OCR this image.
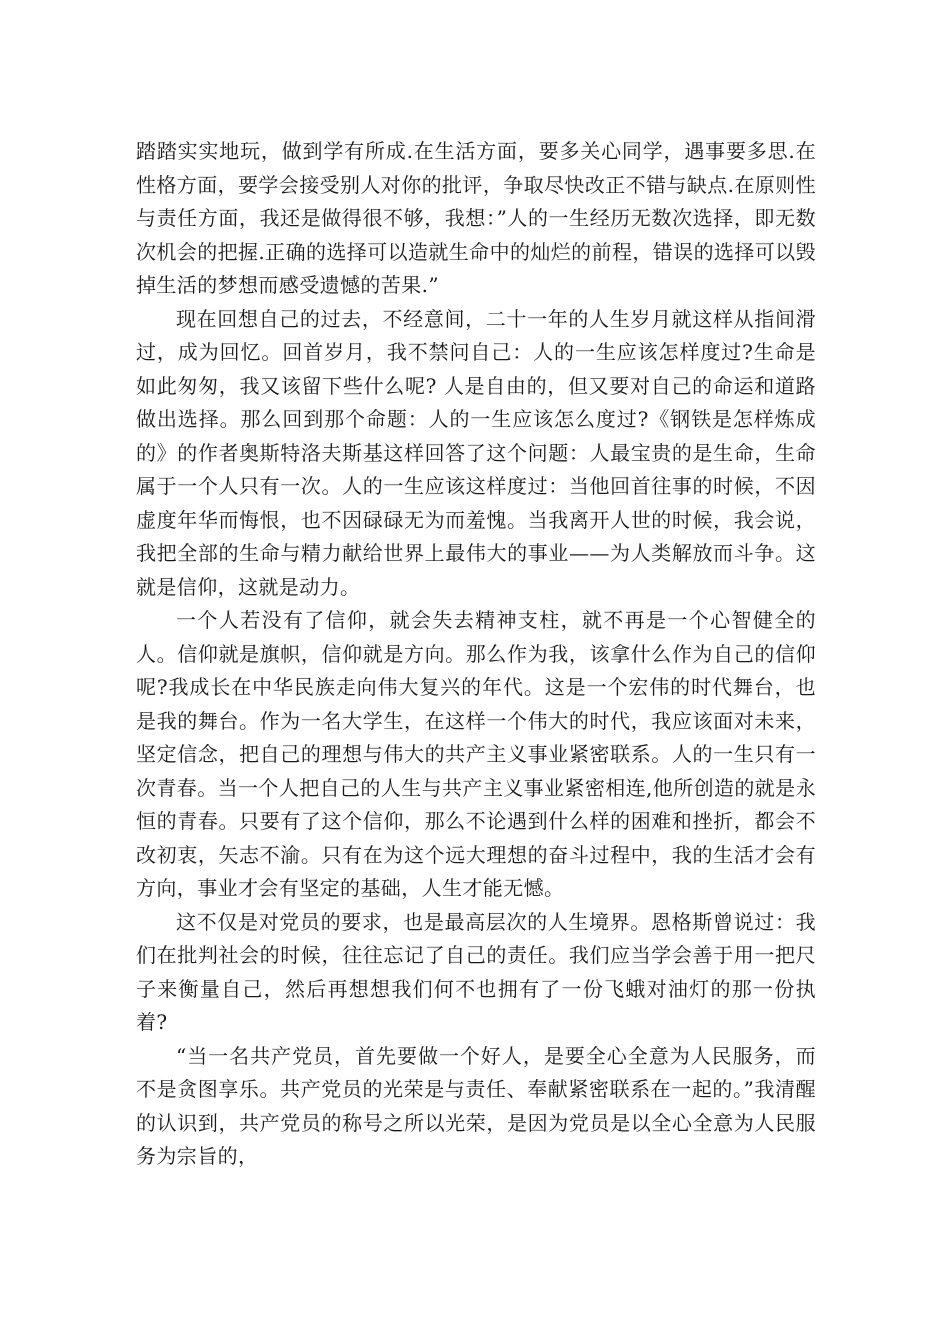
踏踏实实地玩，做到学有所成.在生活方面，要多关心同学，遇事要多思.在性格方面，要学会接受别人对你的批评，争取尽快改正不错与缺点.在原则性与责任方面，我还是做得很不够，我想：”人的一生经历无数次选择，即无数次机会的把握.正确的选择可以造就生命中的灿烂的前程，错误的选择可以毁掉生活的梦想而感受遗憾的苦果.”

现在回想自己的过去，不经意间，二十一年的人生岁月就这样从指间滑过，成为回忆。回首岁月，我不禁问自己：人的一生应该怎样度过?生命是如此匆匆，我又该留下些什么呢? 人是自由的，但又要对自己的命运和道路做出选择。那么回到那个命题：人的一生应该怎么度过?《钢铁是怎样炼成的》的作者奥斯特洛夫斯基这样回答了这个问题：人最宝贵的是生命，生命属于一个人只有一次。人的一生应该这样度过：当他回首往事的时候，不因虚度年华而悔恨，也不因碌碌无为而羞愧。当我离开人世的时候，我会说，我把全部的生命与精力献给世界上最伟大的事业——为人类解放而斗争。这就是信仰，这就是动力。

一个人若没有了信仰，就会失去精神支柱，就不再是一个心智健全的人。信仰就是旗帜，信仰就是方向。那么作为我，该拿什么作为自己的信仰呢?我成长在中华民族走向伟大复兴的年代。这是一个宏伟的时代舞台，也是我的舞台。作为一名大学生，在这样一个伟大的时代，我应该面对未来，坚定信念，把自己的理想与伟大的共产主义事业紧密联系。人的一生只有一次青春。当一个人把自己的人生与共产主义事业紧密相连,他所创造的就是永恒的青春。只要有了这个信仰，那么不论遇到什么样的困难和挫折，都会不改初衷，矢志不渝。只有在为这个远大理想的奋斗过程中，我的生活才会有方向，事业才会有坚定的基础，人生才能无憾。

这不仅是对党员的要求，也是最高层次的人生境界。恩格斯曾说过：我们在批判社会的时候，往往忘记了自己的责任。我们应当学会善于用一把尺子来衡量自己，然后再想想我们何不也拥有了一份飞蛾对油灯的那一份执着?

“当一名共产党员，首先要做一个好人，是要全心全意为人民服务，而不是贪图享乐。共产党员的光荣是与责任、奉献紧密联系在一起的。”我清醒的认识到，共产党员的称号之所以光荣，是因为党员是以全心全意为人民服务为宗旨的，
